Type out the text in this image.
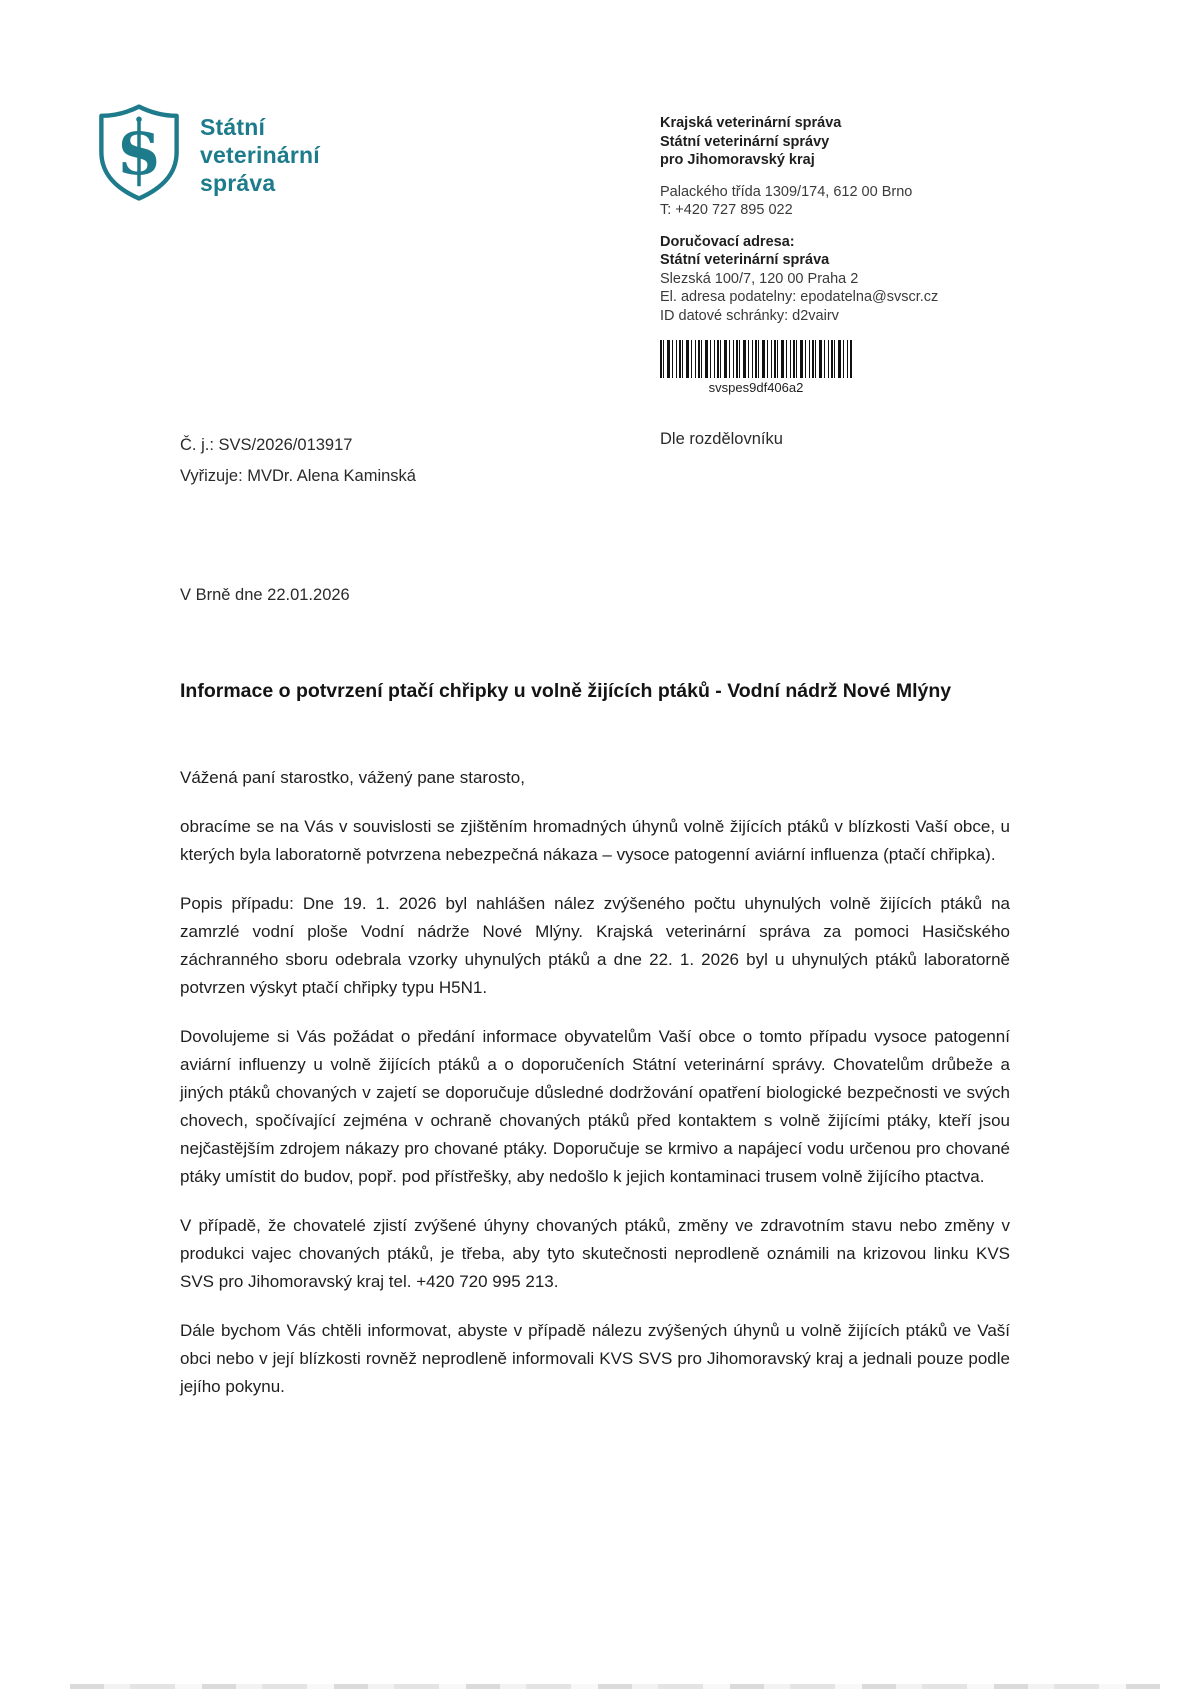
S Státní
veterinární
správa
Krajská veterinární správa
Státní veterinární správy
pro Jihomoravský kraj
Palackého třída 1309/174, 612 00 Brno
T: +420 727 895 022
Doručovací adresa:
Státní veterinární správa
Slezská 100/7, 120 00 Praha 2
El. adresa podatelny: epodatelna@svscr.cz
ID datové schránky: d2vairv
svspes9df406a2
Č. j.: SVS/2026/013917
Vyřizuje: MVDr. Alena Kaminská
Dle rozdělovníku
V Brně dne 22.01.2026
Informace o potvrzení ptačí chřipky u volně žijících ptáků - Vodní nádrž Nové Mlýny

Vážená paní starostko, vážený pane starosto,

obracíme se na Vás v souvislosti se zjištěním hromadných úhynů volně žijících ptáků v blízkosti Vaší obce, u kterých byla laboratorně potvrzena nebezpečná nákaza – vysoce patogenní aviární influenza (ptačí chřipka).

Popis případu: Dne 19. 1. 2026 byl nahlášen nález zvýšeného počtu uhynulých volně žijících ptáků na zamrzlé vodní ploše Vodní nádrže Nové Mlýny. Krajská veterinární správa za pomoci Hasičského záchranného sboru odebrala vzorky uhynulých ptáků a dne 22. 1. 2026 byl u uhynulých ptáků laboratorně potvrzen výskyt ptačí chřipky typu H5N1.

Dovolujeme si Vás požádat o předání informace obyvatelům Vaší obce o tomto případu vysoce patogenní aviární influenzy u volně žijících ptáků a o doporučeních Státní veterinární správy. Chovatelům drůbeže a jiných ptáků chovaných v zajetí se doporučuje důsledné dodržování opatření biologické bezpečnosti ve svých chovech, spočívající zejména v ochraně chovaných ptáků před kontaktem s volně žijícími ptáky, kteří jsou nejčastějším zdrojem nákazy pro chované ptáky. Doporučuje se krmivo a napájecí vodu určenou pro chované ptáky umístit do budov, popř. pod přístřešky, aby nedošlo k jejich kontaminaci trusem volně žijícího ptactva.

V případě, že chovatelé zjistí zvýšené úhyny chovaných ptáků, změny ve zdravotním stavu nebo změny v produkci vajec chovaných ptáků, je třeba, aby tyto skutečnosti neprodleně oznámili na krizovou linku KVS SVS pro Jihomoravský kraj tel. +420 720 995 213.

Dále bychom Vás chtěli informovat, abyste v případě nálezu zvýšených úhynů u volně žijících ptáků ve Vaší obci nebo v její blízkosti rovněž neprodleně informovali KVS SVS pro Jihomoravský kraj a jednali pouze podle jejího pokynu.
